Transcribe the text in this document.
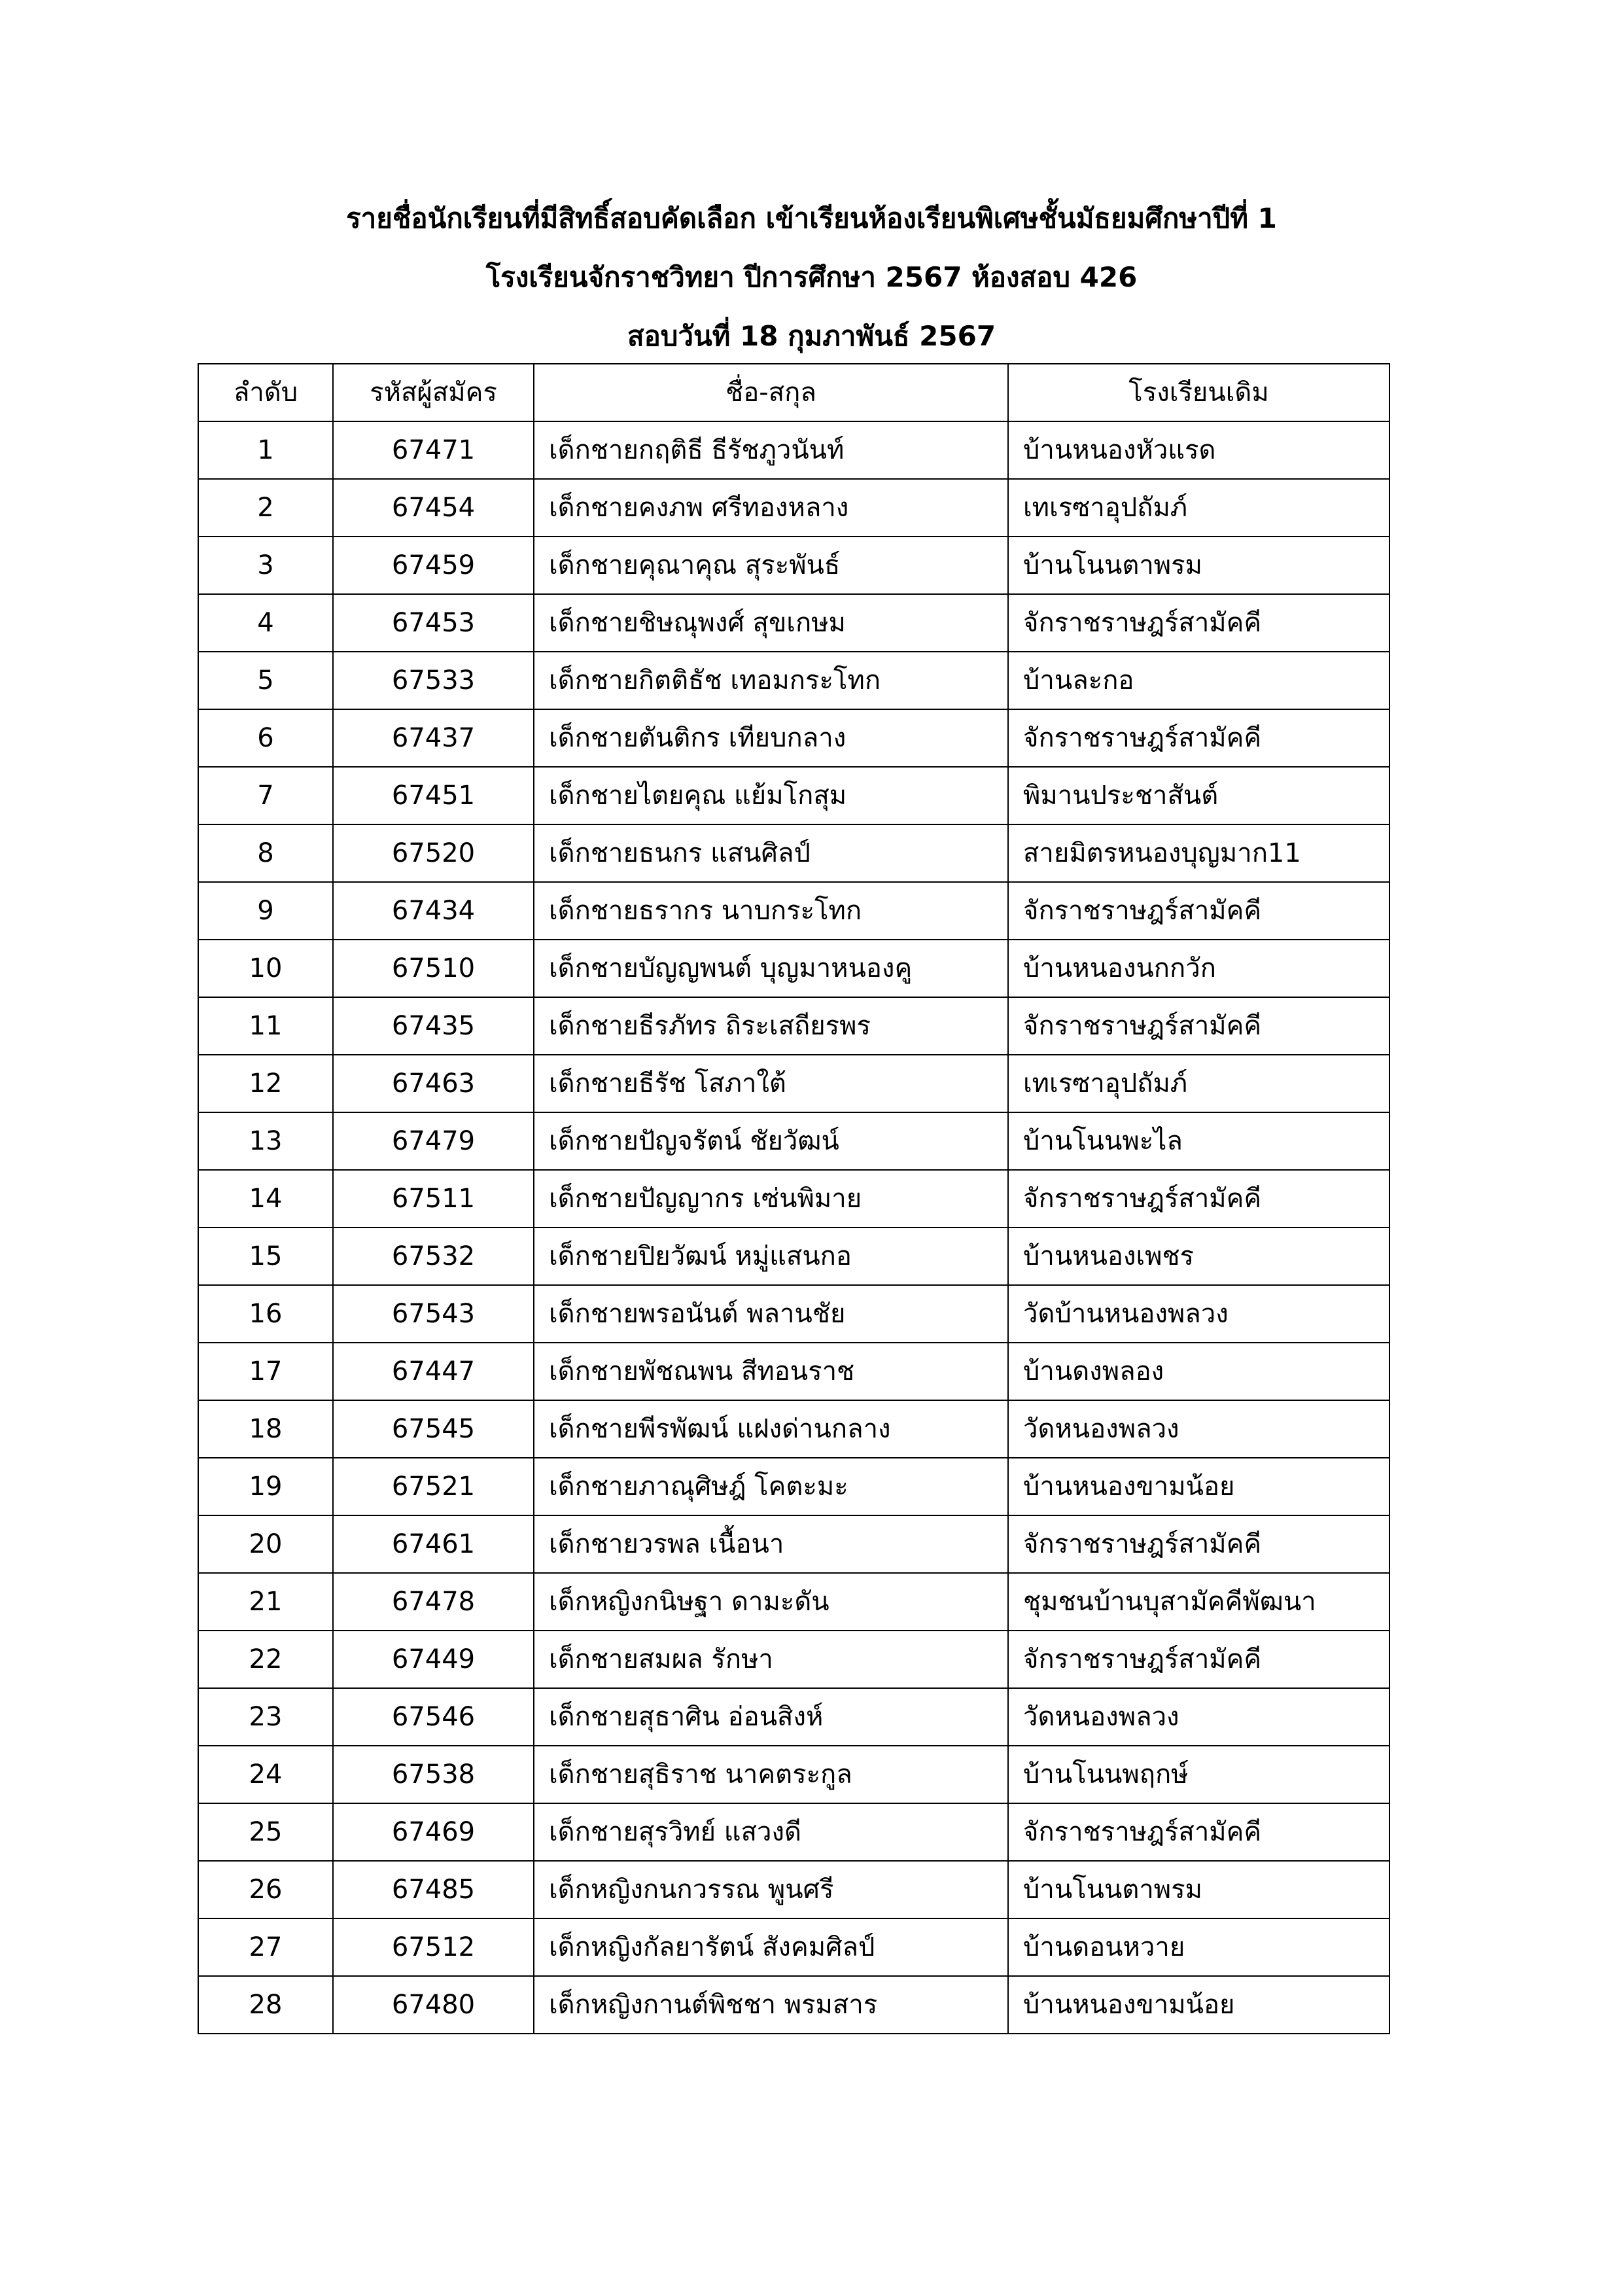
รายชื่อนักเรียนที่มีสิทธิ์สอบคัดเลือก เข้าเรียนห้องเรียนพิเศษชั้นมัธยมศึกษาปีที่ 1
โรงเรียนจักราชวิทยา ปีการศึกษา 2567 ห้องสอบ 426
สอบวันที่ 18 กุมภาพันธ์ 2567
ลำดับ	รหัสผู้สมัคร	ชื่อ-สกุล	โรงเรียนเดิม
1	67471	เด็กชายกฤติธี ธีรัชภูวนันท์	บ้านหนองหัวแรด
2	67454	เด็กชายคงภพ ศรีทองหลาง	เทเรซาอุปถัมภ์
3	67459	เด็กชายคุณาคุณ สุระพันธ์	บ้านโนนตาพรม
4	67453	เด็กชายชิษณุพงศ์ สุขเกษม	จักราชราษฎร์สามัคคี
5	67533	เด็กชายกิตติธัช เทอมกระโทก	บ้านละกอ
6	67437	เด็กชายตันติกร เทียบกลาง	จักราชราษฎร์สามัคคี
7	67451	เด็กชายไตยคุณ แย้มโกสุม	พิมานประชาสันต์
8	67520	เด็กชายธนกร แสนศิลป์	สายมิตรหนองบุญมาก11
9	67434	เด็กชายธรากร นาบกระโทก	จักราชราษฎร์สามัคคี
10	67510	เด็กชายบัญญพนต์ บุญมาหนองคู	บ้านหนองนกกวัก
11	67435	เด็กชายธีรภัทร ถิระเสถียรพร	จักราชราษฎร์สามัคคี
12	67463	เด็กชายธีรัช โสภาใต้	เทเรซาอุปถัมภ์
13	67479	เด็กชายปัญจรัตน์ ชัยวัฒน์	บ้านโนนพะไล
14	67511	เด็กชายปัญญากร เซ่นพิมาย	จักราชราษฎร์สามัคคี
15	67532	เด็กชายปิยวัฒน์ หมู่แสนกอ	บ้านหนองเพชร
16	67543	เด็กชายพรอนันต์ พลานชัย	วัดบ้านหนองพลวง
17	67447	เด็กชายพัชณพน สีทอนราช	บ้านดงพลอง
18	67545	เด็กชายพีรพัฒน์ แฝงด่านกลาง	วัดหนองพลวง
19	67521	เด็กชายภาณุศิษฎ์ โคตะมะ	บ้านหนองขามน้อย
20	67461	เด็กชายวรพล เนื้อนา	จักราชราษฎร์สามัคคี
21	67478	เด็กหญิงกนิษฐา ดามะดัน	ชุมชนบ้านบุสามัคคีพัฒนา
22	67449	เด็กชายสมผล รักษา	จักราชราษฎร์สามัคคี
23	67546	เด็กชายสุธาศิน อ่อนสิงห์	วัดหนองพลวง
24	67538	เด็กชายสุธิราช นาคตระกูล	บ้านโนนพฤกษ์
25	67469	เด็กชายสุรวิทย์ แสวงดี	จักราชราษฎร์สามัคคี
26	67485	เด็กหญิงกนกวรรณ พูนศรี	บ้านโนนตาพรม
27	67512	เด็กหญิงกัลยารัตน์ สังคมศิลป์	บ้านดอนหวาย
28	67480	เด็กหญิงกานต์พิชชา พรมสาร	บ้านหนองขามน้อย
